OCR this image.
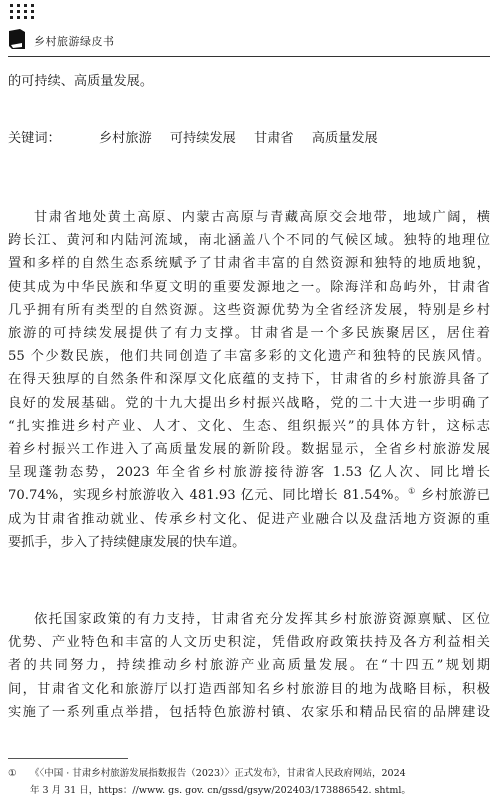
乡村旅游绿皮书

的可持续、高质量发展。

关键词：	乡村旅游 可持续发展 甘肃省 高质量发展

甘肃省地处黄土高原、内蒙古高原与青藏高原交会地带，地域广阔，横

跨长江、黄河和内陆河流域，南北涵盖八个不同的气候区域。独特的地理位

置和多样的自然生态系统赋予了甘肃省丰富的自然资源和独特的地质地貌，

使其成为中华民族和华夏文明的重要发源地之一。除海洋和岛屿外，甘肃省

几乎拥有所有类型的自然资源。这些资源优势为全省经济发展，特别是乡村

旅游的可持续发展提供了有力支撑。甘肃省是一个多民族聚居区，居住着

55 个少数民族，他们共同创造了丰富多彩的文化遗产和独特的民族风情。

在得天独厚的自然条件和深厚文化底蕴的支持下，甘肃省的乡村旅游具备了

良好的发展基础。党的十九大提出乡村振兴战略，党的二十大进一步明确了

“扎实推进乡村产业、人才、文化、生态、组织振兴”的具体方针，这标志

着乡村振兴工作进入了高质量发展的新阶段。数据显示，全省乡村旅游发展

呈现蓬勃态势，2023 年全省乡村旅游接待游客 1.53 亿人次、同比增长

70.74%，实现乡村旅游收入 481.93 亿元、同比增长 81.54%。① 乡村旅游已

成为甘肃省推动就业、传承乡村文化、促进产业融合以及盘活地方资源的重

要抓手，步入了持续健康发展的快车道。

依托国家政策的有力支持，甘肃省充分发挥其乡村旅游资源禀赋、区位

优势、产业特色和丰富的人文历史积淀，凭借政府政策扶持及各方利益相关

者的共同努力，持续推动乡村旅游产业高质量发展。在“十四五”规划期

间，甘肃省文化和旅游厅以打造西部知名乡村旅游目的地为战略目标，积极

实施了一系列重点举措，包括特色旅游村镇、农家乐和精品民宿的品牌建设

① 《〈中国 · 甘肃乡村旅游发展指数报告（2023）〉正式发布》，甘肃省人民政府网站，2024
年 3 月 31 日，https：//www. gs. gov. cn/gssd/gsyw/202403/173886542. shtml。
